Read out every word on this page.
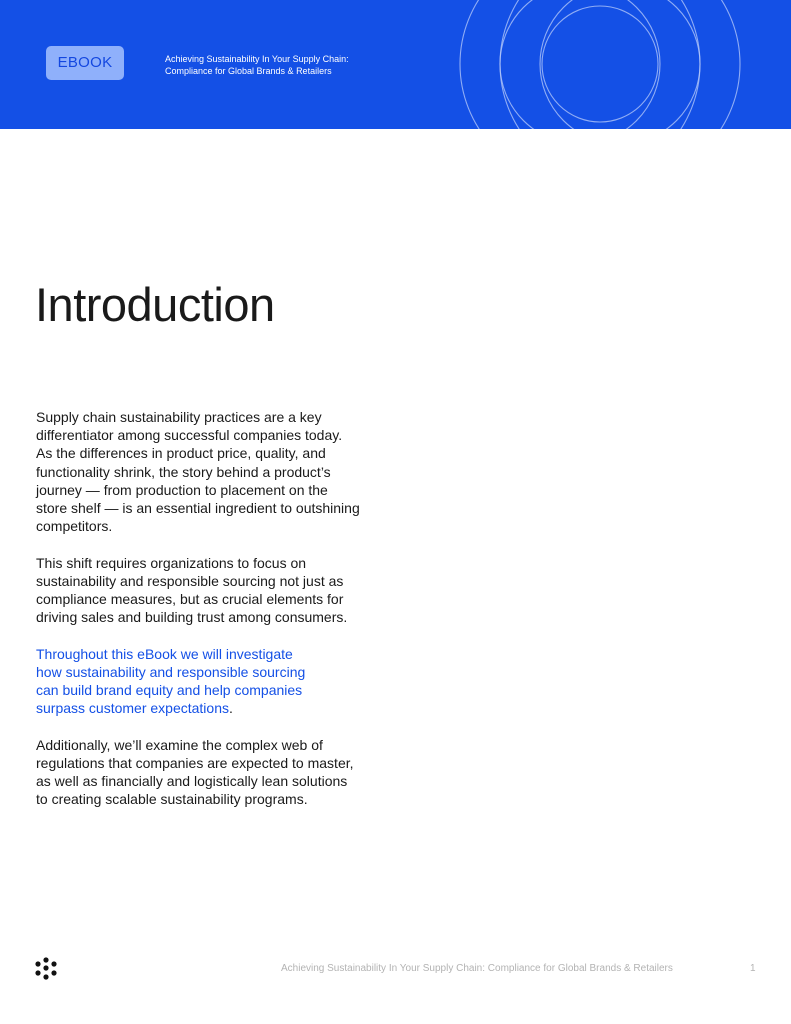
EBOOK	Achieving Sustainability In Your Supply Chain:
Compliance for Global Brands & Retailers
Introduction

Supply chain sustainability practices are a key
differentiator among successful companies today.
As the differences in product price, quality, and
functionality shrink, the story behind a product’s
journey — from production to placement on the
store shelf — is an essential ingredient to outshining
competitors.

This shift requires organizations to focus on
sustainability and responsible sourcing not just as
compliance measures, but as crucial elements for
driving sales and building trust among consumers.

Throughout this eBook we will investigate
how sustainability and responsible sourcing
can build brand equity and help companies
surpass customer expectations.

Additionally, we’ll examine the complex web of
regulations that companies are expected to master,
as well as financially and logistically lean solutions
to creating scalable sustainability programs.

Achieving Sustainability In Your Supply Chain: Compliance for Global Brands & Retailers	1
